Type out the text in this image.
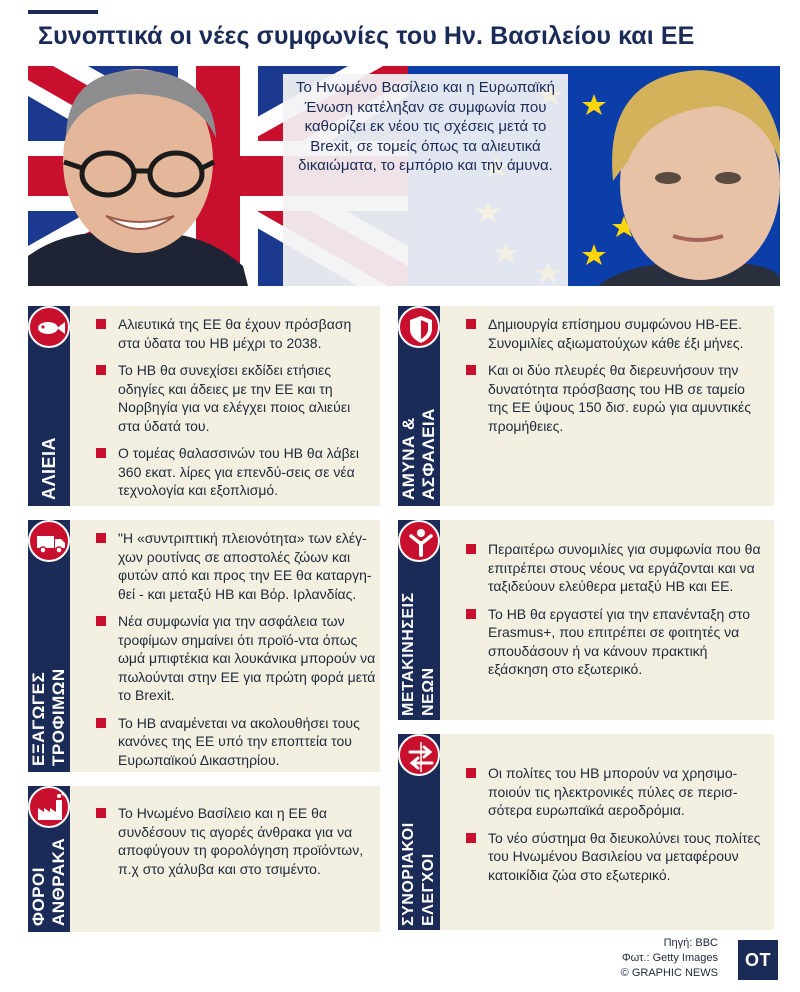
Συνοπτικά οι νέες συμφωνίες του Ην. Βασιλείου και ΕΕ
Το Ηνωμένο Βασίλειο και η Ευρωπαϊκή Ένωση κατέληξαν σε συμφωνία που καθορίζει εκ νέου τις σχέσεις μετά το Brexit, σε τομείς όπως τα αλιευτικά δικαιώματα, το εμπόριο και την άμυνα.
ΑΛΙΕΙΑ
Αλιευτικά της ΕΕ θα έχουν πρόσβαση στα ύδατα του ΗΒ μέχρι το 2038.
Το ΗΒ θα συνεχίσει εκδίδει ετήσιες οδηγίες και άδειες με την ΕΕ και τη Νορβηγία για να ελέγχει ποιος αλιεύει στα ύδατά του.
Ο τομέας θαλασσινών του ΗΒ θα λάβει 360 εκατ. λίρες για επενδύ-σεις σε νέα τεχνολογία και εξοπλισμό.	ΑΜΥΝΑ & ΑΣΦΑΛΕΙΑ
Δημιουργία επίσημου συμφώνου ΗΒ-ΕΕ. Συνομιλίες αξιωματούχων κάθε έξι μήνες.
Και οι δύο πλευρές θα διερευνήσουν την δυνατότητα πρόσβασης του ΗΒ σε ταμείο της ΕΕ ύψους 150 δισ. ευρώ για αμυντικές προμήθειες.
ΕΞΑΓΩΓΕΣ ΤΡΟΦΙΜΩΝ
"Η «συντριπτική πλειονότητα» των ελέγ-χων ρουτίνας σε αποστολές ζώων και φυτών από και προς την ΕΕ θα καταργη-θεί - και μεταξύ ΗΒ και Βόρ. Ιρλανδίας.
Νέα συμφωνία για την ασφάλεια των τροφίμων σημαίνει ότι προϊό-ντα όπως ωμά μπιφτέκια και λουκάνικα μπορούν να πωλούνται στην ΕΕ για πρώτη φορά μετά το Brexit.
Το ΗΒ αναμένεται να ακολουθήσει τους κανόνες της ΕΕ υπό την εποπτεία του Ευρωπαϊκού Δικαστηρίου.
ΜΕΤΑΚΙΝΗΣΕΙΣ ΝΕΩΝ
Περαιτέρω συνομιλίες για συμφωνία που θα επιτρέπει στους νέους να εργάζονται και να ταξιδεύουν ελεύθερα μεταξύ ΗΒ και ΕΕ.
Το ΗΒ θα εργαστεί για την επανένταξη στο Erasmus+, που επιτρέπει σε φοιτητές να σπουδάσουν ή να κάνουν πρακτική εξάσκηση στο εξωτερικό.
ΦΟΡΟΙ ΑΝΘΡΑΚΑ
Το Ηνωμένο Βασίλειο και η ΕΕ θα συνδέσουν τις αγορές άνθρακα για να αποφύγουν τη φορολόγηση προϊόντων, π.χ στο χάλυβα και στο τσιμέντο.	ΣΥΝΟΡΙΑΚΟΙ ΕΛΕΓΧΟΙ
Οι πολίτες του ΗΒ μπορούν να χρησιμο-ποιούν τις ηλεκτρονικές πύλες σε περισ-σότερα ευρωπαϊκά αεροδρόμια.
Το νέο σύστημα θα διευκολύνει τους πολίτες του Ηνωμένου Βασιλείου να μεταφέρουν κατοικίδια ζώα στο εξωτερικό.
Πηγή: BBC
Φωτ.: Getty Images
© GRAPHIC NEWS
OT
